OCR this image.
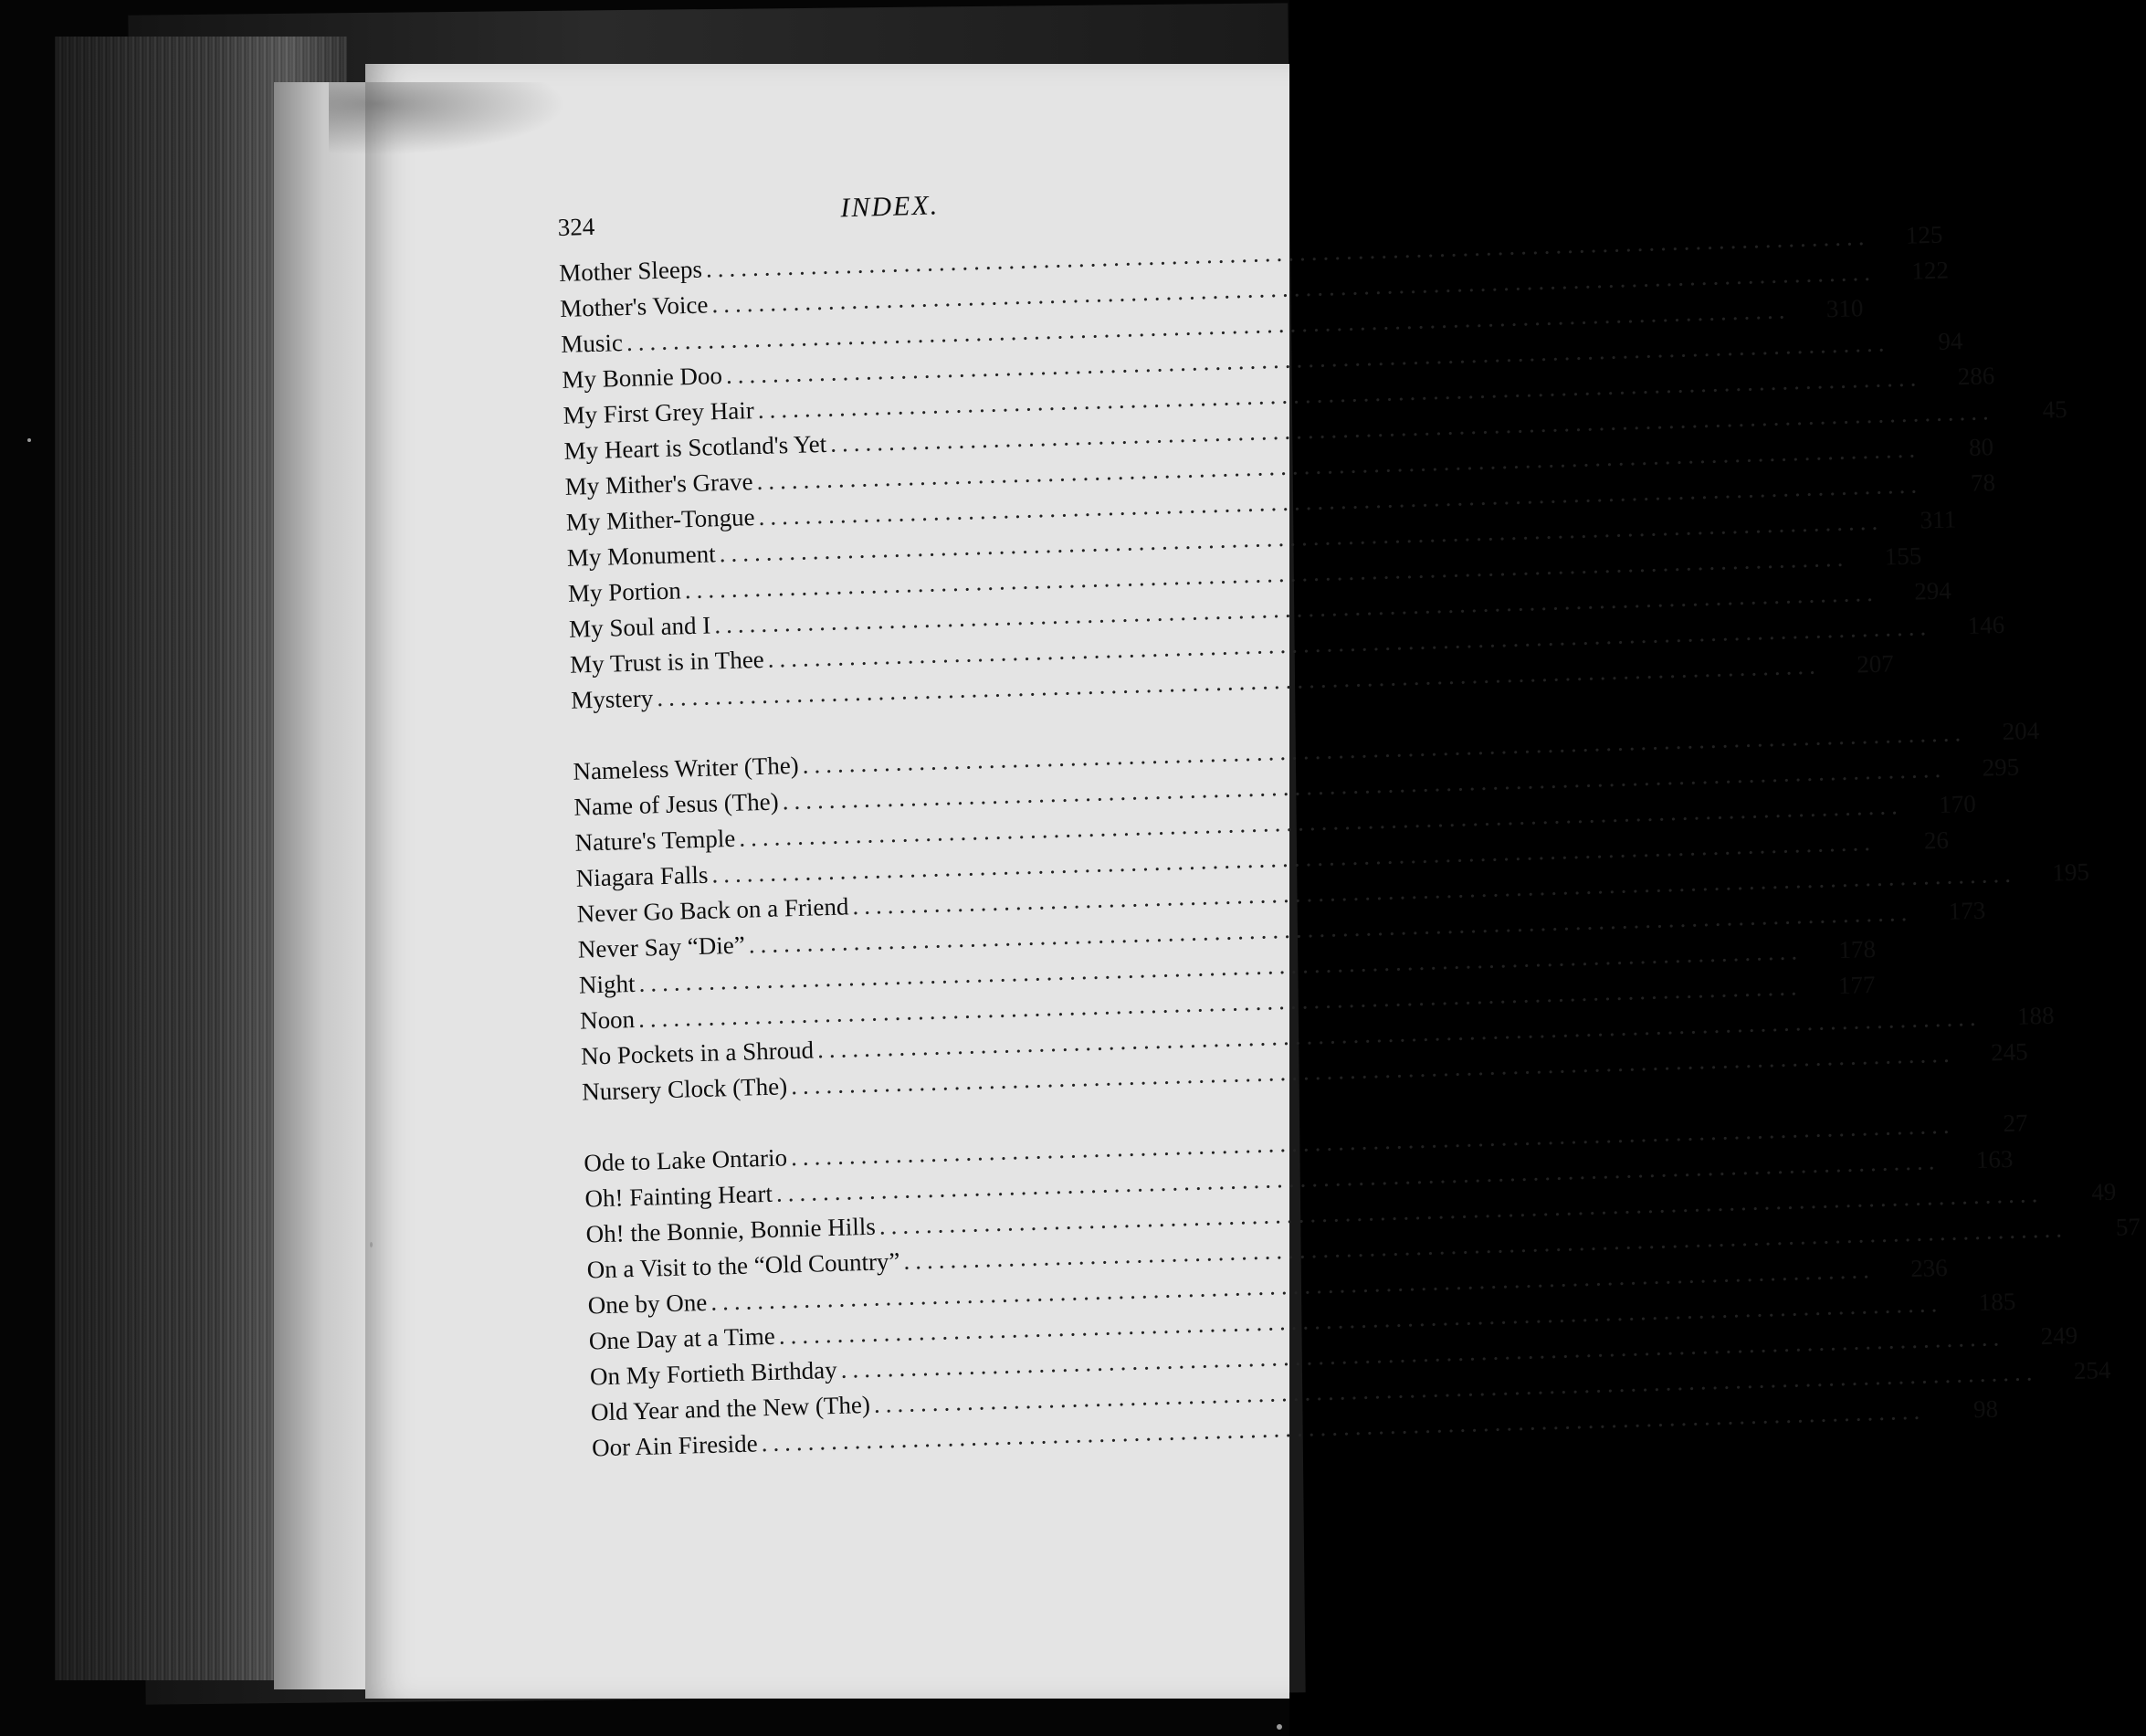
324
INDEX.
Mother Sleeps
.....
125
Mother's Voice
.....
122
Music
.....
310
My Bonnie Doo
.....
94
My First Grey Hair
.....
286
My Heart is Scotland's Yet
.....
45
My Mither's Grave
.....
80
My Mither-Tongue
.....
78
My Monument
.....
311
My Portion
.....
155
My Soul and I
.....
294
My Trust is in Thee
.....
146
Mystery
.....
207
Nameless Writer (The)
.....
204
Name of Jesus (The)
.....
295
Nature's Temple
.....
170
Niagara Falls
.....
26
Never Go Back on a Friend
.....
195
Never Say “Die”
.....
173
Night
.....
178
Noon
.....
177
No Pockets in a Shroud
.....
188
Nursery Clock (The)
.....
245
Ode to Lake Ontario
.....
27
Oh! Fainting Heart
.....
163
Oh! the Bonnie, Bonnie Hills
.....
49
On a Visit to the “Old Country”
.....
57
One by One
.....
236
One Day at a Time
.....
185
On My Fortieth Birthday
.....
249
Old Year and the New (The)
.....
254
Oor Ain Fireside
.....
98
